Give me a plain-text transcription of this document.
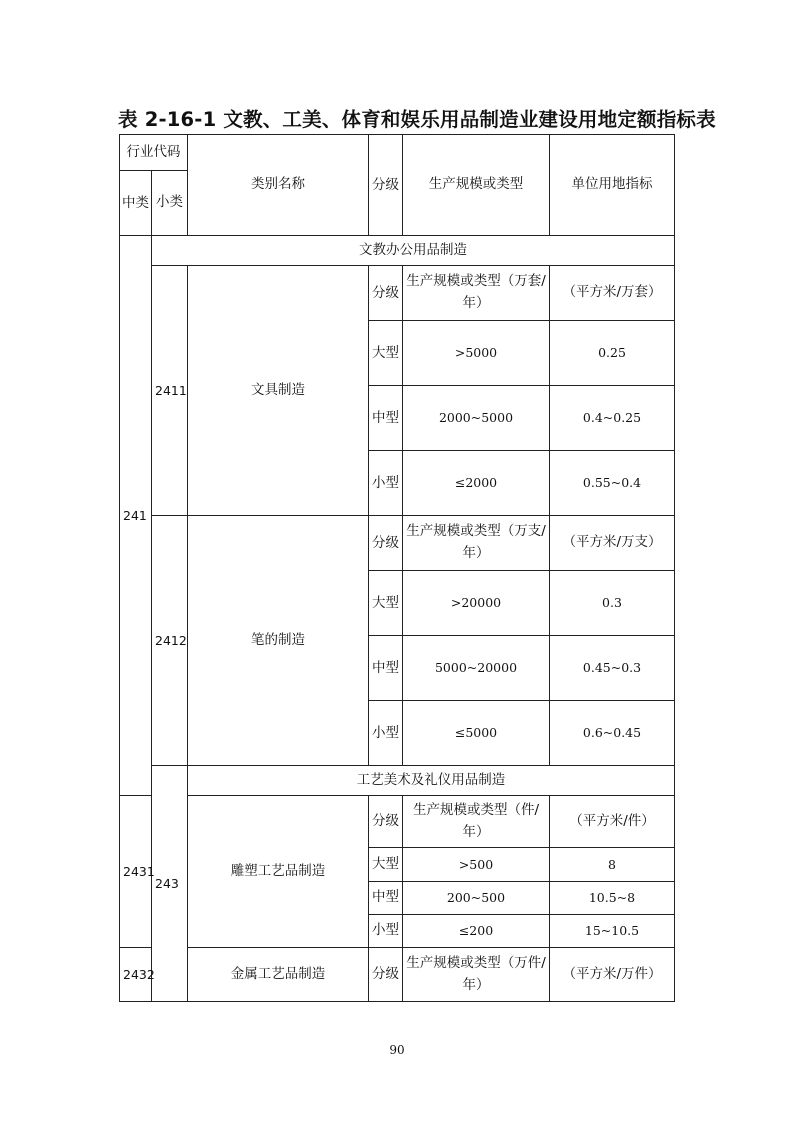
表 2-16-1 文教、工美、体育和娱乐用品制造业建设用地定额指标表
行业代码		类别名称	分级	生产规模或类型	单位用地指标
中类	小类				
241	文教办公用品制造				
	2411	文具制造	分级	生产规模或类型（万套/年）	（平方米/万套）
			大型	>5000	0.25
			中型	2000~5000	0.4~0.25
			小型	≤2000	0.55~0.4
	2412	笔的制造	分级	生产规模或类型（万支/年）	（平方米/万支）
			大型	>20000	0.3
			中型	5000~20000	0.45~0.3
			小型	≤5000	0.6~0.45
	243	工艺美术及礼仪用品制造			
2431		雕塑工艺品制造	分级	生产规模或类型（件/年）	（平方米/件）
			大型	>500	8
			中型	200~500	10.5~8
			小型	≤200	15~10.5
2432		金属工艺品制造	分级	生产规模或类型（万件/年）	（平方米/万件）
90
